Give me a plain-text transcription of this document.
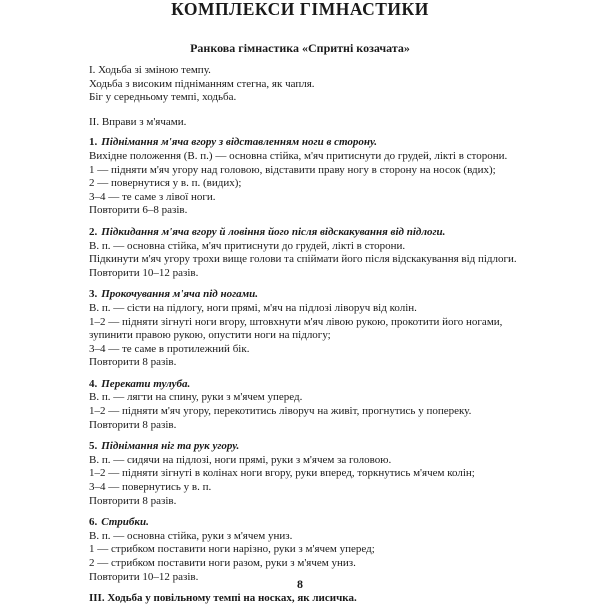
КОМПЛЕКСИ ГІМНАСТИКИ
Ранкова гімнастика «Спритні козачата»

І. Ходьба зі зміною темпу.

Ходьба з високим підніманням стегна, як чапля.

Біг у середньому темпі, ходьба.

ІІ. Вправи з м'ячами.

1. Піднімання м'яча вгору з відставленням ноги в сторону.

Вихідне положення (В. п.) — основна стійка, м'яч притиснути до грудей, лікті в сторони.

1 — підняти м'яч угору над головою, відставити праву ногу в сторону на носок (вдих);

2 — повернутися у в. п. (видих);

3–4 — те саме з лівої ноги.

Повторити 6–8 разів.

2. Підкидання м'яча вгору й ловіння його після відскакування від підлоги.

В. п. — основна стійка, м'яч притиснути до грудей, лікті в сторони.

Підкинути м'яч угору трохи вище голови та спіймати його після відскакування від підлоги.

Повторити 10–12 разів.

3. Прокочування м'яча під ногами.

В. п. — сісти на підлогу, ноги прямі, м'яч на підлозі ліворуч від колін.

1–2 — підняти зігнуті ноги вгору, штовхнути м'яч лівою рукою, прокотити його ногами, зупинити правою рукою, опустити ноги на підлогу;

3–4 — те саме в протилежний бік.

Повторити 8 разів.

4. Перекати тулуба.

В. п. — лягти на спину, руки з м'ячем уперед.

1–2 — підняти м'яч угору, перекотитись ліворуч на живіт, прогнутись у поперeку.

Повторити 8 разів.

5. Піднімання ніг та рук угору.

В. п. — сидячи на підлозі, ноги прямі, руки з м'ячем за головою.

1–2 — підняти зігнуті в колінах ноги вгору, руки вперед, торкнутись м'ячем колін;

3–4 — повернутись у в. п.

Повторити 8 разів.

6. Стрибки.

В. п. — основна стійка, руки з м'ячем униз.

1 — стрибком поставити ноги нарізно, руки з м'ячем уперед;

2 — стрибком поставити ноги разом, руки з м'ячем униз.

Повторити 10–12 разів.

ІІІ. Ходьба у повільному темпі на носках, як лисичка.

8
